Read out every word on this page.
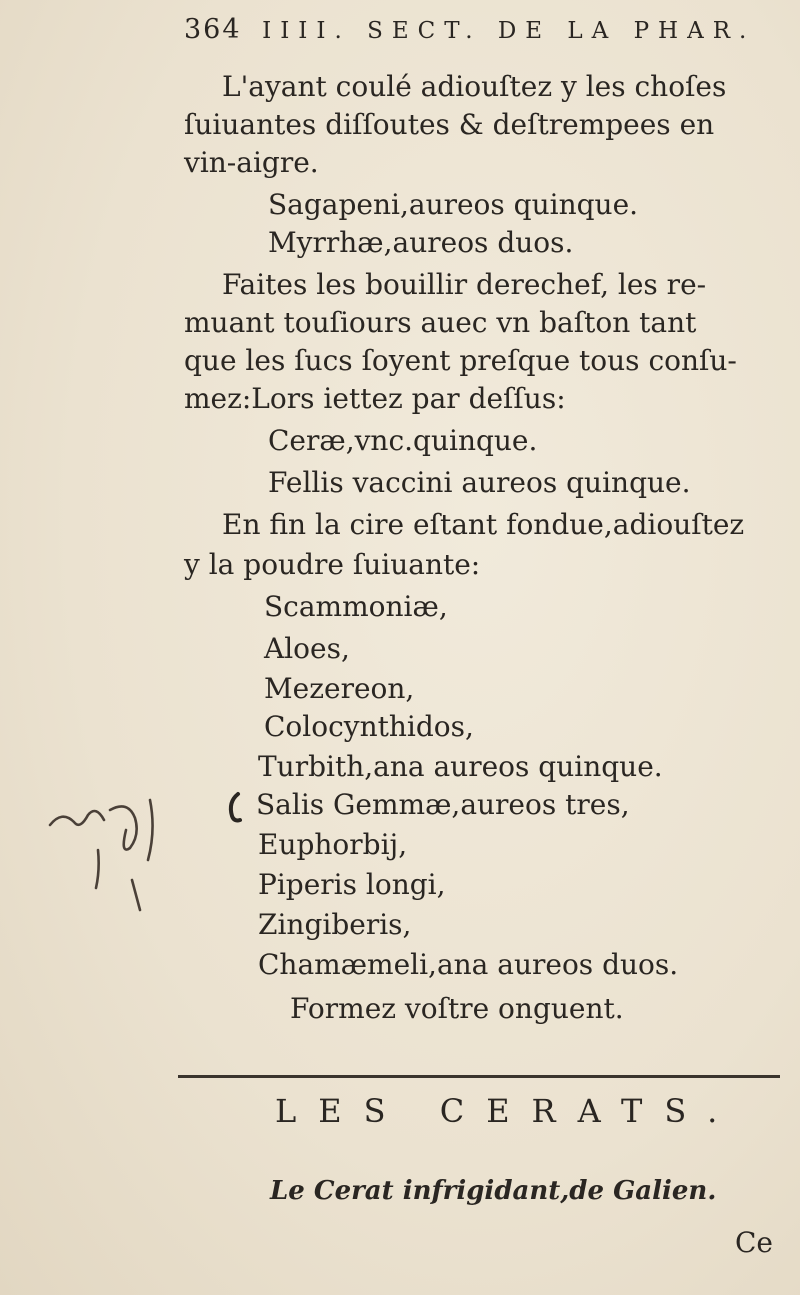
364 IIII. SECT. DE LA PHAR.
L'ayant coulé adiouſtez y les choſes
ſuiuantes diſſoutes & deſtrempees en
vin-aigre.
Sagapeni,aureos quinque.
Myrrhæ,aureos duos.
Faites les bouillir derechef, les re-
muant touſiours auec vn baſton tant
que les ſucs ſoyent preſque tous conſu-
mez:Lors iettez par deſſus:
Ceræ,vnc.quinque.
Fellis vaccini aureos quinque.
En fin la cire eſtant fondue,adiouſtez
y la poudre ſuiuante:
Scammoniæ,
Aloes,
Mezereon,
Colocynthidos,
Turbith,ana aureos quinque.
Salis Gemmæ,aureos tres,
Euphorbij,
Piperis longi,
Zingiberis,
Chamæmeli,ana aureos duos.
Formez voſtre onguent.
LES CERATS.
Le Cerat infrigidant,de Galien.
Ce
